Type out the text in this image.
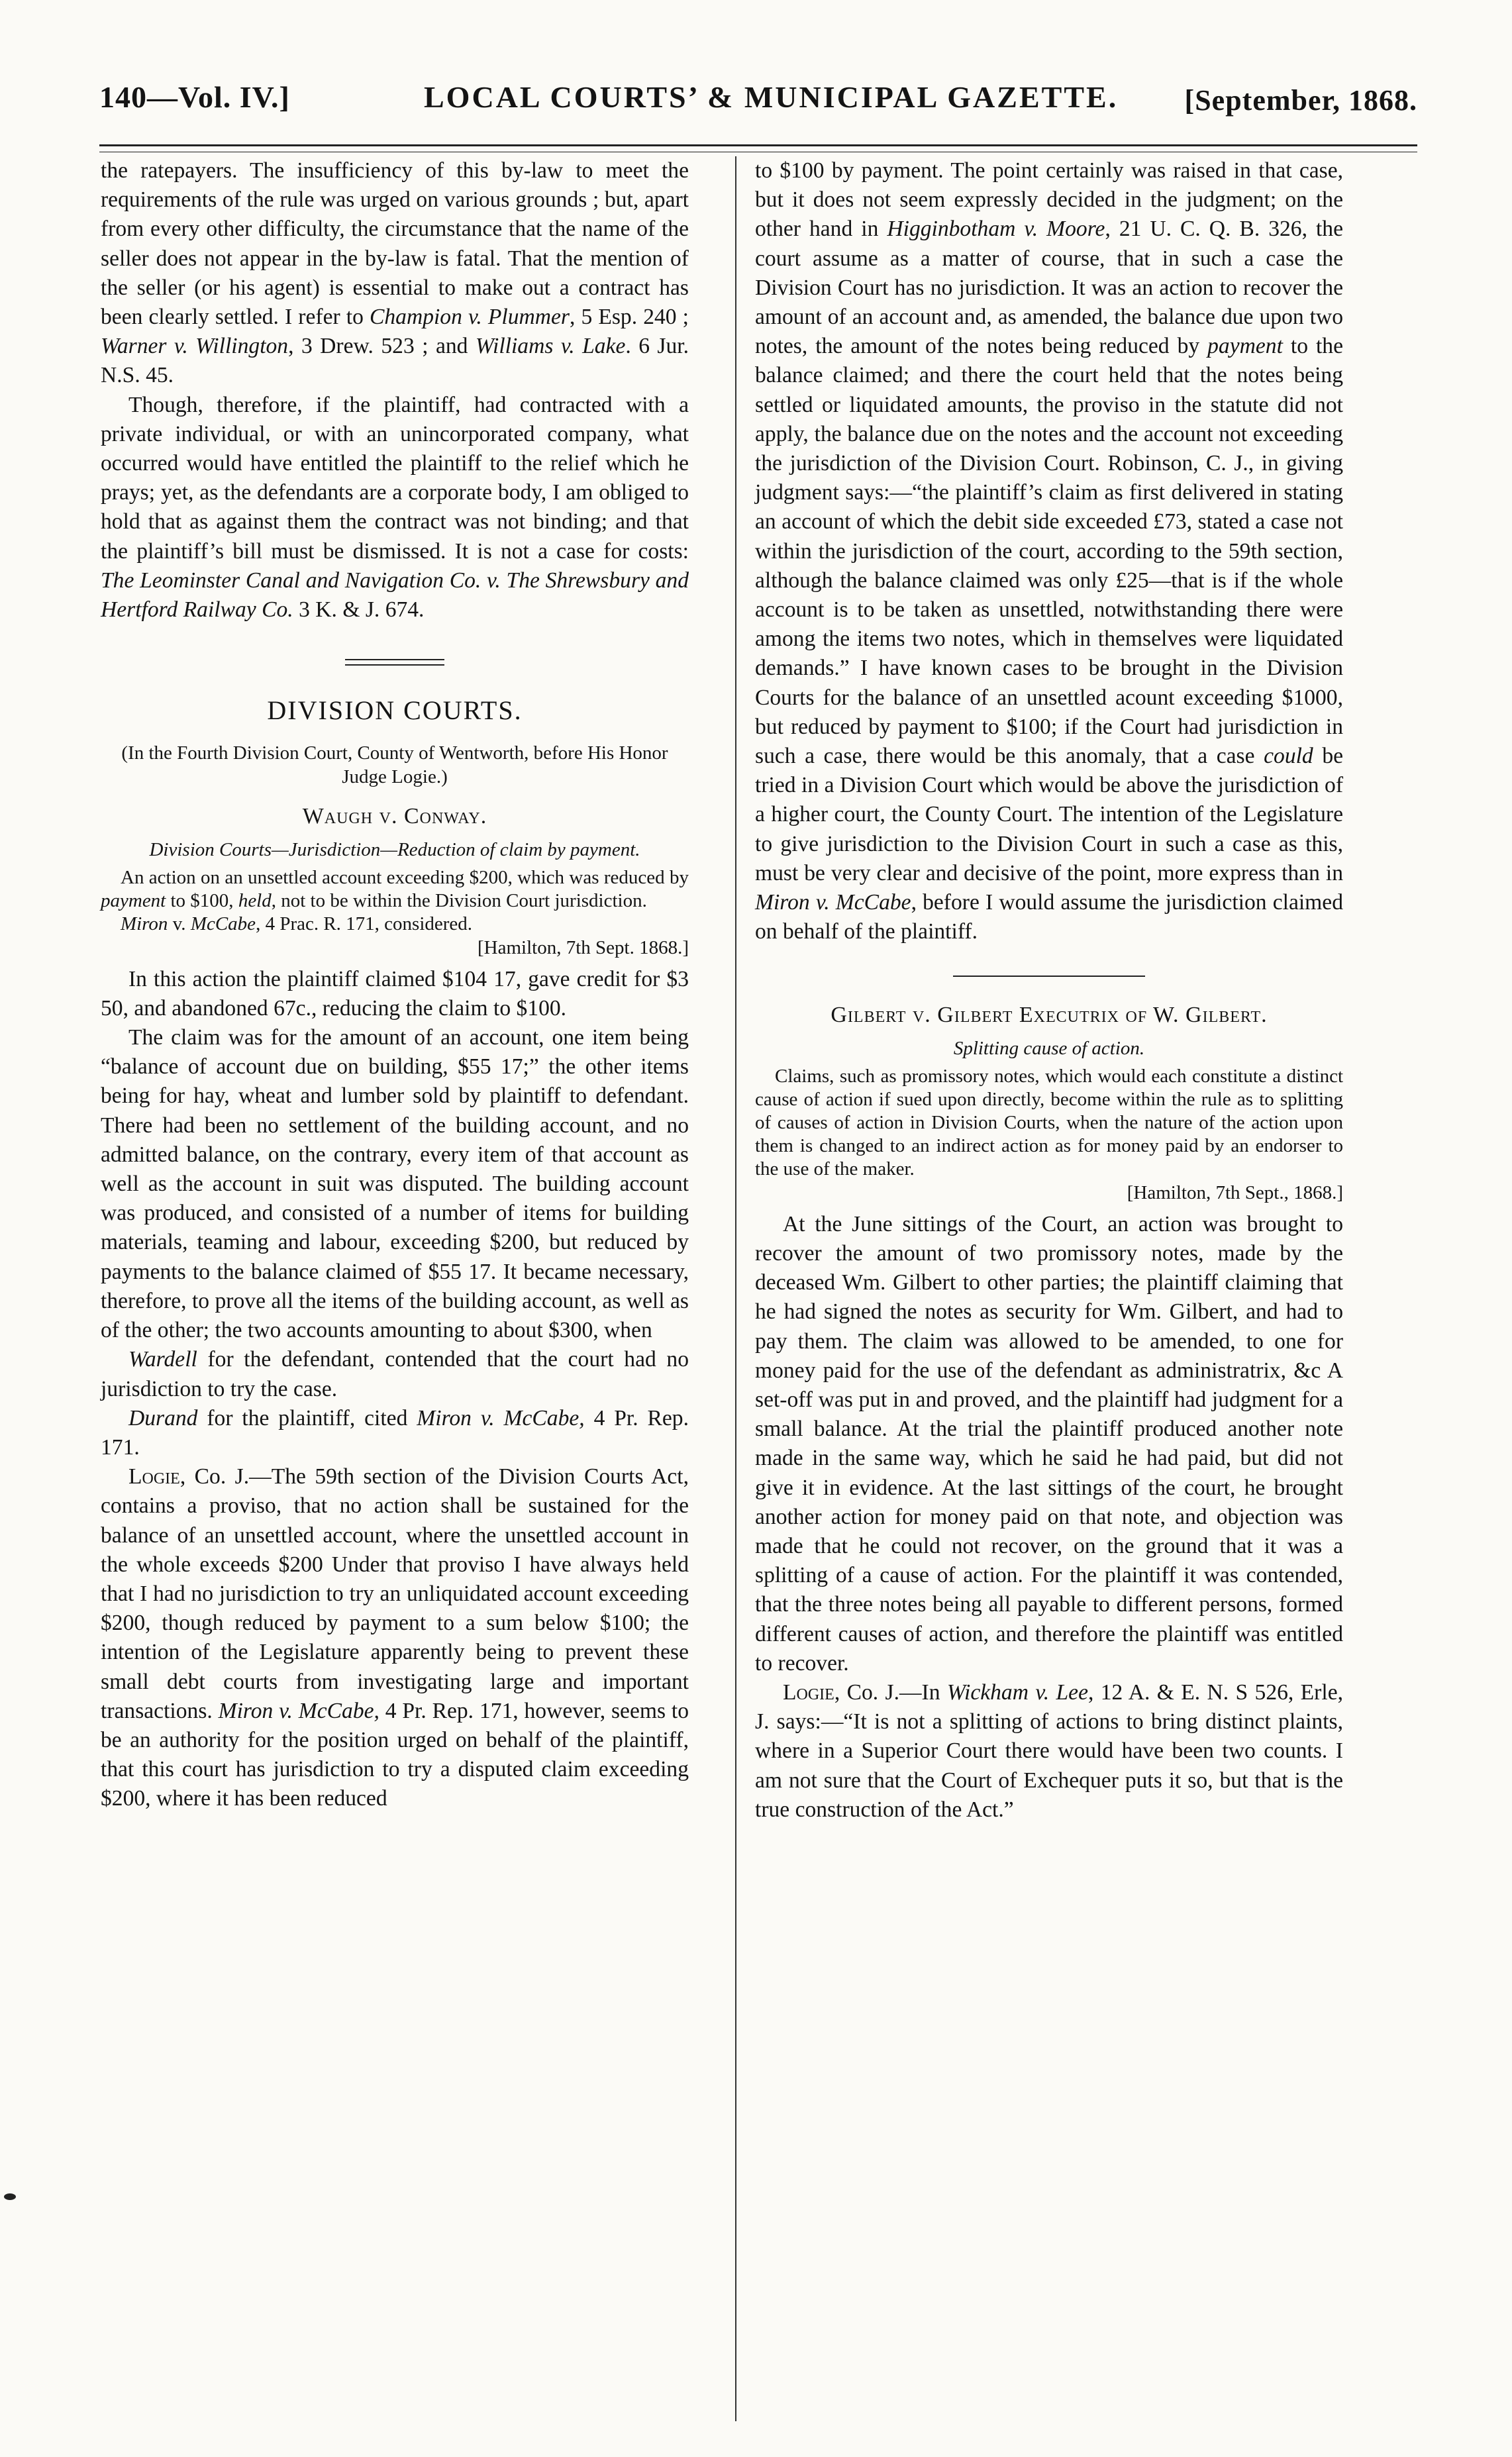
140—Vol. IV.]	LOCAL COURTS’ & MUNICIPAL GAZETTE. [September, 1868.

the ratepayers. The insufficiency of this by-law to meet the requirements of the rule was urged on various grounds ; but, apart from every other difficulty, the circumstance that the name of the seller does not appear in the by-law is fatal. That the mention of the seller (or his agent) is essential to make out a contract has been clearly settled. I refer to Champion v. Plummer, 5 Esp. 240 ; Warner v. Willington, 3 Drew. 523 ; and Williams v. Lake. 6 Jur. N.S. 45.

Though, therefore, if the plaintiff, had contracted with a private individual, or with an unincorporated company, what occurred would have entitled the plaintiff to the relief which he prays; yet, as the defendants are a corporate body, I am obliged to hold that as against them the contract was not binding; and that the plaintiff’s bill must be dismissed. It is not a case for costs: The Leominster Canal and Navigation Co. v. The Shrewsbury and Hertford Railway Co. 3 K. & J. 674.

DIVISION COURTS.

(In the Fourth Division Court, County of Wentworth, before His Honor Judge Logie.)

Waugh v. Conway.

Division Courts—Jurisdiction—Reduction of claim by payment.

An action on an unsettled account exceeding $200, which was reduced by payment to $100, held, not to be within the Division Court jurisdiction.

Miron v. McCabe, 4 Prac. R. 171, considered.

[Hamilton, 7th Sept. 1868.]

In this action the plaintiff claimed $104 17, gave credit for $3 50, and abandoned 67c., reducing the claim to $100.

The claim was for the amount of an account, one item being “balance of account due on building, $55 17;” the other items being for hay, wheat and lumber sold by plaintiff to defendant. There had been no settlement of the building account, and no admitted balance, on the contrary, every item of that account as well as the account in suit was disputed. The building account was produced, and consisted of a number of items for building materials, teaming and labour, exceeding $200, but reduced by payments to the balance claimed of $55 17. It became necessary, therefore, to prove all the items of the building account, as well as of the other; the two accounts amounting to about $300, when

Wardell for the defendant, contended that the court had no jurisdiction to try the case.

Durand for the plaintiff, cited Miron v. McCabe, 4 Pr. Rep. 171.

Logie, Co. J.—The 59th section of the Division Courts Act, contains a proviso, that no action shall be sustained for the balance of an unsettled account, where the unsettled account in the whole exceeds $200 Under that proviso I have always held that I had no jurisdiction to try an unliquidated account exceeding $200, though reduced by payment to a sum below $100; the intention of the Legislature apparently being to prevent these small debt courts from investigating large and important transactions. Miron v. McCabe, 4 Pr. Rep. 171, however, seems to be an authority for the position urged on behalf of the plaintiff, that this court has jurisdiction to try a disputed claim exceeding $200, where it has been reduced

to $100 by payment. The point certainly was raised in that case, but it does not seem expressly decided in the judgment; on the other hand in Higginbotham v. Moore, 21 U. C. Q. B. 326, the court assume as a matter of course, that in such a case the Division Court has no jurisdiction. It was an action to recover the amount of an account and, as amended, the balance due upon two notes, the amount of the notes being reduced by payment to the balance claimed; and there the court held that the notes being settled or liquidated amounts, the proviso in the statute did not apply, the balance due on the notes and the account not exceeding the jurisdiction of the Division Court. Robinson, C. J., in giving judgment says:—“the plaintiff’s claim as first delivered in stating an account of which the debit side exceeded £73, stated a case not within the jurisdiction of the court, according to the 59th section, although the balance claimed was only £25—that is if the whole account is to be taken as unsettled, notwithstanding there were among the items two notes, which in themselves were liquidated demands.” I have known cases to be brought in the Division Courts for the balance of an unsettled acount exceeding $1000, but reduced by payment to $100; if the Court had jurisdiction in such a case, there would be this anomaly, that a case could be tried in a Division Court which would be above the jurisdiction of a higher court, the County Court. The intention of the Legislature to give jurisdiction to the Division Court in such a case as this, must be very clear and decisive of the point, more express than in Miron v. McCabe, before I would assume the jurisdiction claimed on behalf of the plaintiff.

Gilbert v. Gilbert Executrix of W. Gilbert.

Splitting cause of action.

Claims, such as promissory notes, which would each constitute a distinct cause of action if sued upon directly, become within the rule as to splitting of causes of action in Division Courts, when the nature of the action upon them is changed to an indirect action as for money paid by an endorser to the use of the maker.

[Hamilton, 7th Sept., 1868.]

At the June sittings of the Court, an action was brought to recover the amount of two promissory notes, made by the deceased Wm. Gilbert to other parties; the plaintiff claiming that he had signed the notes as security for Wm. Gilbert, and had to pay them. The claim was allowed to be amended, to one for money paid for the use of the defendant as administratrix, &c A set-off was put in and proved, and the plaintiff had judgment for a small balance. At the trial the plaintiff produced another note made in the same way, which he said he had paid, but did not give it in evidence. At the last sittings of the court, he brought another action for money paid on that note, and objection was made that he could not recover, on the ground that it was a splitting of a cause of action. For the plaintiff it was contended, that the three notes being all payable to different persons, formed different causes of action, and therefore the plaintiff was entitled to recover.

Logie, Co. J.—In Wickham v. Lee, 12 A. & E. N. S 526, Erle, J. says:—“It is not a splitting of actions to bring distinct plaints, where in a Superior Court there would have been two counts. I am not sure that the Court of Exchequer puts it so, but that is the true construction of the Act.”
